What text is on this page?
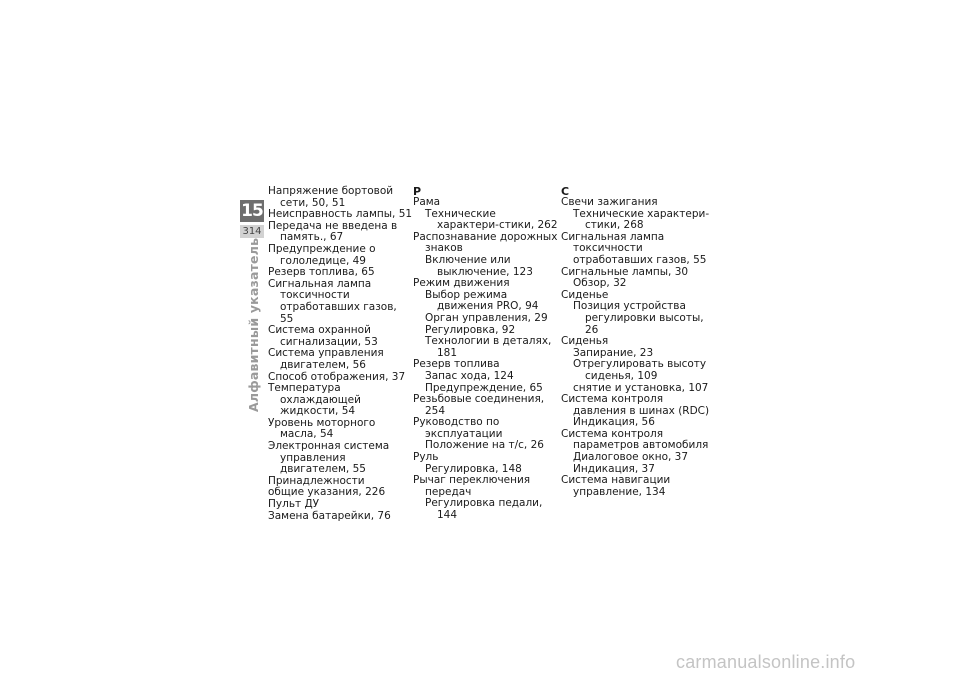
15
314
Алфавитный указатель
Напряжение бортовой сети, 50, 51
Неисправность лампы, 51
Передача не введена в память., 67
Предупреждение о гололедице, 49
Резерв топлива, 65
Сигнальная лампа токсичности отработавших газов, 55
Система охранной сигнализации, 53
Система управления двигателем, 56
Способ отображения, 37
Температура охлаждающей жидкости, 54
Уровень моторного масла, 54
Электронная система управления двигателем, 55
Принадлежности
общие указания, 226
Пульт ДУ
Замена батарейки, 76
Р
Рама
Технические характери-стики, 262
Распознавание дорожных знаков
Включение или выключение, 123
Режим движения
Выбор режима движения PRO, 94
Орган управления, 29
Регулировка, 92
Технологии в деталях, 181
Резерв топлива
Запас хода, 124
Предупреждение, 65
Резьбовые соединения, 254
Руководство по эксплуатации
Положение на т/с, 26
Руль
Регулировка, 148
Рычаг переключения передач
Регулировка педали, 144
С
Свечи зажигания
Технические характери-стики, 268
Сигнальная лампа токсичности отработавших газов, 55
Сигнальные лампы, 30
Обзор, 32
Сиденье
Позиция устройства регулировки высоты, 26
Сиденья
Запирание, 23
Отрегулировать высоту сиденья, 109
снятие и установка, 107
Система контроля давления в шинах (RDC)
Индикация, 56
Система контроля параметров автомобиля
Диалоговое окно, 37
Индикация, 37
Система навигации
управление, 134
carmanualsonline.info
